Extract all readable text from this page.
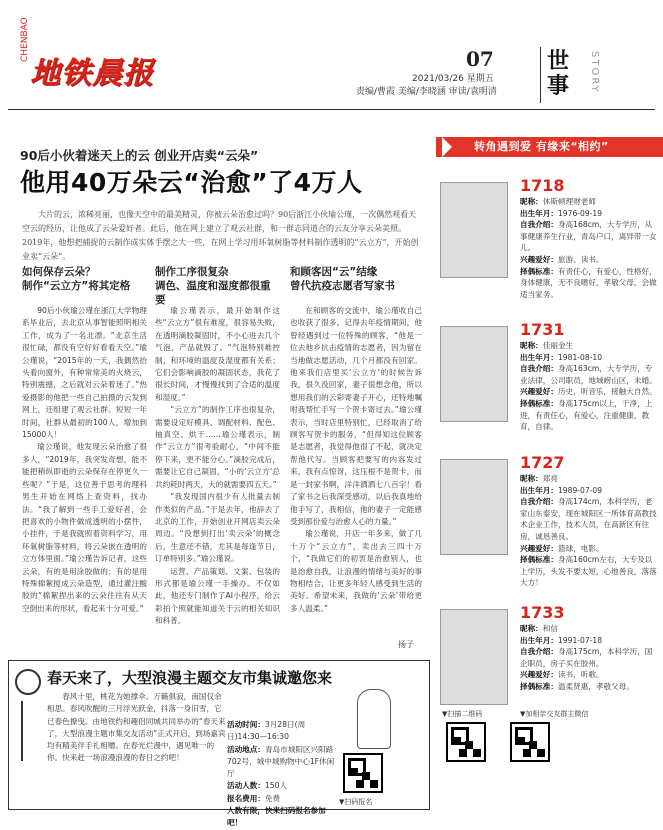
CHENBAO
地铁晨报	07
2021/03/26 星期五
责编/曹霞 美编/李晓涵 审读/袁明清
世事	STORY
90后小伙着迷天上的云 创业开店卖“云朵”
他用40万朵云“治愈”了4万人
大片的云，浓稀亮丽，也像天空中的最美精灵，你被云朵治愈过吗？90后浙江小伙瑜公瑾，一次偶然观看天空云的经历，让他成了云朵爱好者。此后，他在网上建立了观云社群，和一群志同道合的云友分享云朵美照。2019年，他想把捕捉的云制作成实体手摆之大一些，在网上学习用环氧树脂等材料制作透明的“云立方”，开始创业卖“云朵”。
如何保存云朵？
制作“云立方”将其定格

90后小伙瑜公瑾在浙江大学物理系毕业后，去北京从事智能照明相关工作，成为了一名北漂。“北京生活很忙碌，都没有空好好看看天空。”瑜公瑾说，“2015年的一天，我偶然抬头看向窗外，有种常常美的火烧云，特别震撼，之后就对云朵着迷了。”热爱摄影的他把一些自己拍摄的云发到网上，还组建了观云社群。短短一年时间，社群从最初的100人，增加到15000人！

瑜公瑾说，他发现云朵治愈了很多人，“2019年，我突发奇想，能不能把稍纵即逝的云朵保存在停更久一些呢？”于是，这位善于思考的理科男生开始在网络上查资料，找办法。“我了解到一些手工爱好者，会把喜欢的小物件做成透明的小摆件，小挂件，于是我就照着资料学习，用环氧树脂等材料，将云朵嵌在透明的立方体里面。”瑜公瑾告诉记者，这些云朵，有的是用涂胶做的；有的是用特殊棉絮搅成云朵造型，通过灌注酸胶的“棉絮捏出来的云朵往往有从天空倒出来的形状，看起来十分可爱。”

制作工序很复杂
调色、温度和湿度都很重要

瑜公瑾表示，最开始制作这些“云立方”很有难度，很容易失败，在透明滴胶凝固时，不小心进去几个气泡，产品就毁了。“气泡特别难控制，和环境的温度及湿度都有关系；它们会影响滴胶的凝固状态，我花了很长时间，才慢慢找到了合适的温度和湿度。”

“云立方”的制作工序也很复杂，需要设定好模具、调配材料、配色、抽真空、烘干……瑜公瑾表示，制作“云立方”很考验耐心，“中间不能停下来，更不能分心。”滴胶完成后，需要让它自己凝固，“小的‘云立方’总共约耗时两天，大的就需要四五天。”

“我发现国内很少有人批量去制作类似的产品。”于是去年，他辞去了北京的工作，开始创业开网店卖云朵周边。“没想到打出‘卖云朵’的概念后，生意还不错，尤其是每逢节日，订单特别多。”瑜公瑾说。

运营、产品策划、文案、包装的形式都是瑜公瑾一手操办。不仅如此，他还专门制作了AI小程序，给云彩拍个照就能知道关于云的相关知识和科普。

和顾客因“云”结缘
曾代抗疫志愿者写家书

在和顾客的交流中，瑜公瑾收自己也收获了很多。记得去年疫情期间，他曾经遇到过一位特殊的顾客，“他是一位去他乡抗击疫情的志愿者，因为留在当地做志愿活动，几个月都没有回家。他来我们店里买‘云立方’的时候告诉我，很久没回家，妻子很想念他，所以想用我们的云彩寄妻子开心，还特地嘱咐我帮忙手写一个贺卡寄过去。”瑜公瑾表示，当时店里特别忙，已经取消了给顾客写贺卡的服务，“但得知这位顾客是志愿者，我觉得他很了不起，就决定帮他代写。当顾客把要写的内容发过来，我有点惊讶，这压根不是贺卡，而是一封家书啊，洋洋洒洒七八百字！看了家书之后我深受感动，以后我真地给他手写了，我相信，他的妻子一定能感受到那份爱与治愈人心的力量。”

瑜公瑾说，开店一年多来，做了几十万个“云立方”，卖出去三四十万个，“我做它们的初衷是治愈别人，也是治愈自我，让浪漫的情绪与美好的事物相结合，让更多年轻人感受到生活的美好。希望未来，我做的‘云朵’带给更多人温柔。”

扬子
转角遇到爱 有缘来“相约”
1718
昵称：休斯顿理财老师
出生年月：1976-09-19
自我介绍：身高168cm，大专学历，从事健康养生行业，青岛户口，离异带一女儿。
兴趣爱好：旅游、读书。
择偶标准：有责任心，有爱心，性格好，身体健康，无不良嗜好，孝敬父母，会做适当家务。
1731
昵称：佳丽金生
出生年月：1981-08-10
自我介绍：身高163cm，大专学历，专业法律，公司职员，地域崂山区，未婚。
兴趣爱好：历史，听音乐，接触大自然。
择偶标准：身高175cm以上，干净，上进，有责任心，有爱心，注重健康，教育，自律。
1727
昵称：郑亮
出生年月：1989-07-09
自我介绍：身高174cm，本科学历，老家山东泰安，现在城阳区一所体育高教技术企业工作，技术人员，在高新区有住房，诚恳善良。
兴趣爱好：篮球，电影。
择偶标准：身高160cm左右，大专及以上学历，头发不要太短，心地善良，落落大方！
1733
昵称：和信
出生年月：1991-07-18
自我介绍：身高175cm，本科学历，国企职员，房子买在胶州。
兴趣爱好：读书，听歌。
择偶标准：温柔贤惠，孝敬父母。
▼扫描二维码	▼加相亲交友群主微信
春天来了，大型浪漫主题交友市集诚邀您来
春风十里，桃花为她撑伞。万籁俱寂，南国仅余相思。春风吹醒的三月浮光跃金，抖落一身旧雪，它已春色撩曳。由地铁约和趣侣同城共同举办的“春天来了，大型浪漫主题市集交友活动”正式开启，到场嘉宾均有精美伴手礼相赠。在春光烂漫中，遇见唯一的你。快来赶一场浪漫浪漫的春日之约吧！
活动时间：3月28日(周日)14:30—16:30
活动地点：青岛市城阳区兴阳路702号，城中城购物中心1F休闲厅
活动人数：150人
报名费用：免费
人数有限，快来扫码报名参加吧！
▼扫码报名
